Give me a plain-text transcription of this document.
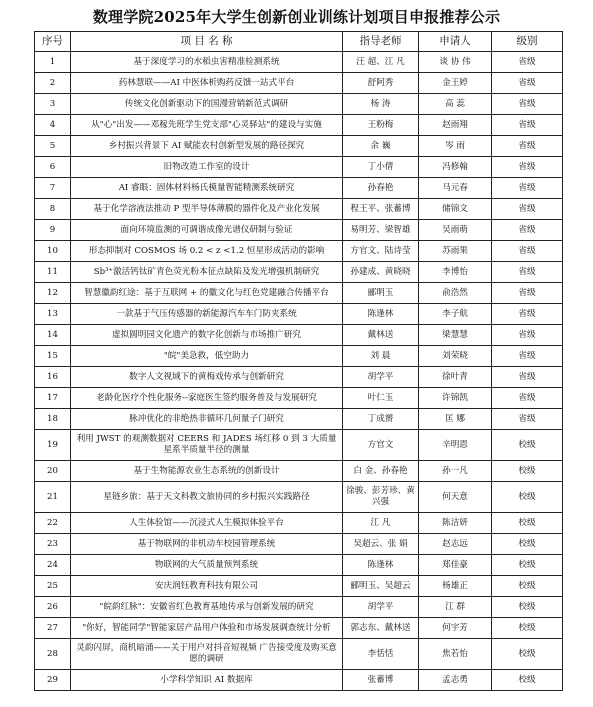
数理学院2025年大学生创新创业训练计划项目申报推荐公示
序号	项 目 名 称	指导老师	申请人	级别
1	基于深度学习的水稻虫害精准检测系统	汪 超、江 凡	谈 协 伟	省级
2	药林慧联——AI 中医体析购药反馈一站式平台	舒阿秀	金王婷	省级
3	传统文化创新驱动下的国漫营销新范式调研	杨 涛	高 蕊	省级
4	从"心"出发——邓稼先班学生党支部"心灵驿站"的建设与实施	王粉梅	赵雨翔	省级
5	乡村振兴背景下 AI 赋能农村创新型发展的路径探究	余 巍	岑 雨	省级
6	旧物改造工作室的设计	丁小倩	冯修翰	省级
7	AI 睿眼：固体材料杨氏模量智能精测系统研究	孙春艳	马元春	省级
8	基于化学溶液法推动 P 型半导体薄膜的器件化及产业化发展	程王平、张蓄博	储锦文	省级
9	面向环境监测的可调谐成像光谱仪研制与验证	易明芳、梁智雄	吴雨萌	省级
10	形态抑制对 COSMOS 场 0.2 < z <1.2 恒星形成活动的影响	方官文、陆诗莹	苏雨果	省级
11	Sb³⁺激活钙钛矿青色荧光粉本征点缺陷及发光增强机制研究	孙建成、黄晓晓	李博怡	省级
12	智慧徽韵红途：基于互联网 + 的徽文化与红色党建融合传播平台	郦明玉	俞浩然	省级
13	一款基于气压传感器的新能源汽车车门防夹系统	陈逢林	李子航	省级
14	虚拟圆明园文化遗产的数字化创新与市场推广研究	戴林送	梁慧慧	省级
15	"皖"美急救，低空助力	刘 晨	刘荣晓	省级
16	数字人文视域下的黄梅戏传承与创新研究	胡学平	徐叶青	省级
17	老龄化医疗个性化服务--家庭医生签约服务普及与发展研究	叶仁玉	许锦凯	省级
18	脉冲优化的非绝热非循环几何量子门研究	丁成赟	匡 娜	省级
19	利用 JWST 的观测数据对 CEERS 和 JADES 场红移 0 到 3 大质量星系半质量半径的测量	方官文	辛明恩	校级
20	基于生物能源农业生态系统的创新设计	白 金、孙春艳	孙一凡	校级
21	星链乡旅：基于天文科教文旅协同的乡村振兴实践路径	徐骏、彭芳珍、黄兴强	何天意	校级
22	人生体验馆——沉浸式人生模拟体验平台	江 凡	陈洁妍	校级
23	基于物联网的非机动车校园管理系统	吴超云、张 娟	赵志远	校级
24	物联网的大气质量预判系统	陈逢林	郑佳豪	校级
25	安庆润钰教育科技有限公司	郦明玉、吴超云	杨雄正	校级
26	"皖韵红脉"：安徽省红色教育基地传承与创新发展的研究	胡学平	江 群	校级
27	"你好，智能同学"智能家居产品用户体验和市场发展调查统计分析	郭志东、戴林送	何宇芳	校级
28	灵韵闪屏，商机暗涌——关于用户对抖音短视频 广告接受度及购买意愿的调研	李恬恬	焦若怡	校级
29	小学科学知识 AI 数据库	张蓄博	孟志勇	校级
